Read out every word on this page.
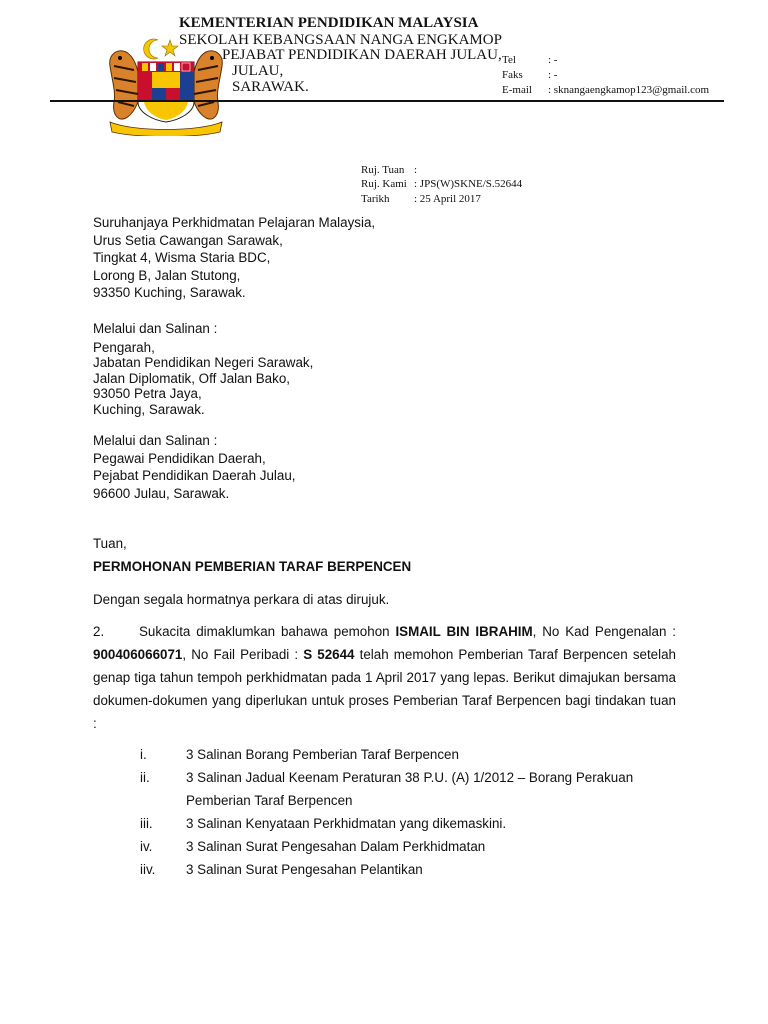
KEMENTERIAN PENDIDIKAN MALAYSIA
SEKOLAH KEBANGSAAN NANGA ENGKAMOP
PEJABAT PENDIDIKAN DAERAH JULAU,
JULAU,
SARAWAK.
Tel	: -
Faks : -
E-mail : sknangaengkamop123@gmail.com
Ruj. Tuan :
Ruj. Kami : JPS(W)SKNE/S.52644
Tarikh : 25 April 2017
Suruhanjaya Perkhidmatan Pelajaran Malaysia,
Urus Setia Cawangan Sarawak,
Tingkat 4, Wisma Staria BDC,
Lorong B, Jalan Stutong,
93350 Kuching, Sarawak.
Melalui dan Salinan :
Pengarah,
Jabatan Pendidikan Negeri Sarawak,
Jalan Diplomatik, Off Jalan Bako,
93050 Petra Jaya,
Kuching, Sarawak.
Melalui dan Salinan :
Pegawai Pendidikan Daerah,
Pejabat Pendidikan Daerah Julau,
96600 Julau, Sarawak.
Tuan,
PERMOHONAN PEMBERIAN TARAF BERPENCEN
Dengan segala hormatnya perkara di atas dirujuk.
2.	Sukacita dimaklumkan bahawa pemohon ISMAIL BIN IBRAHIM, No Kad Pengenalan : 900406066071, No Fail Peribadi : S 52644 telah memohon Pemberian Taraf Berpencen setelah genap tiga tahun tempoh perkhidmatan pada 1 April 2017 yang lepas. Berikut dimajukan bersama dokumen-dokumen yang diperlukan untuk proses Pemberian Taraf Berpencen bagi tindakan tuan :
i.	3 Salinan Borang Pemberian Taraf Berpencen
ii.	3 Salinan Jadual Keenam Peraturan 38 P.U. (A) 1/2012 – Borang Perakuan
Pemberian Taraf Berpencen
iii. 3 Salinan Kenyataan Perkhidmatan yang dikemaskini.
iv.	3 Salinan Surat Pengesahan Dalam Perkhidmatan
iiv. 3 Salinan Surat Pengesahan Pelantikan
